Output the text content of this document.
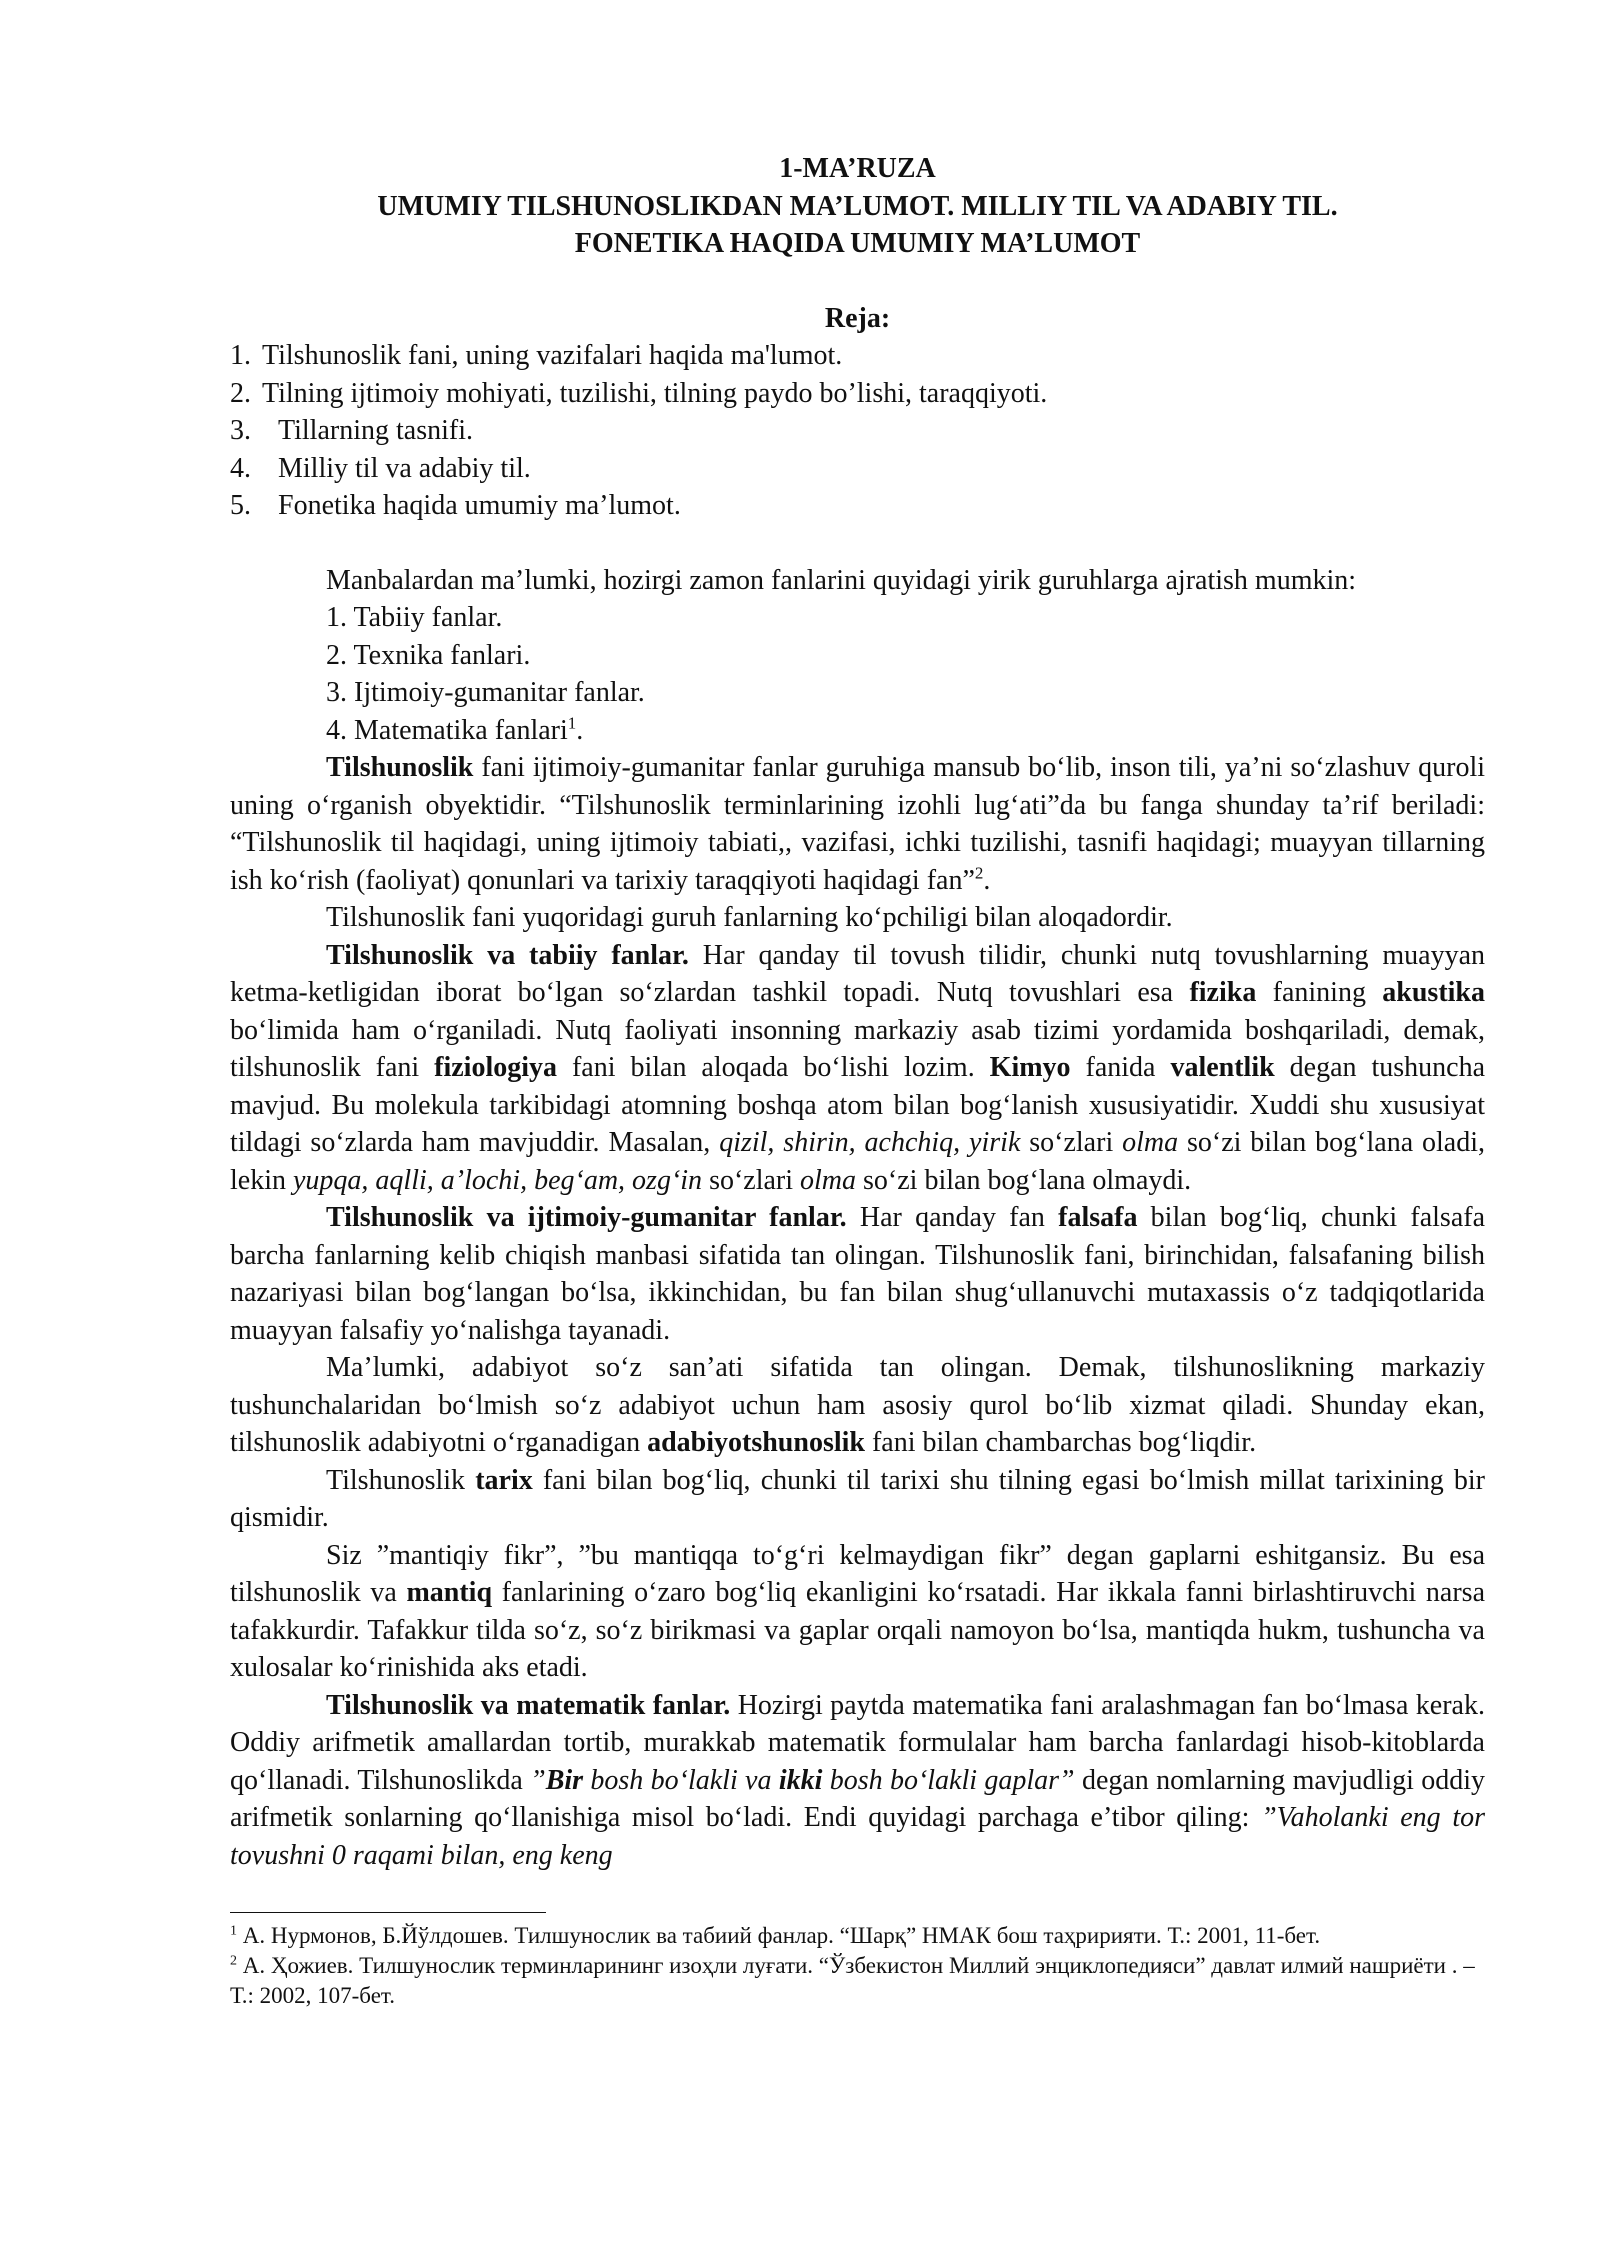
1-MA’RUZA

UMUMIY TILSHUNOSLIKDAN MA’LUMOT. MILLIY TIL VA ADABIY TIL.

FONETIKA HAQIDA UMUMIY MA’LUMOT

Reja:

1. Tilshunoslik fani, uning vazifalari haqida ma'lumot.

2. Tilning ijtimoiy mohiyati, tuzilishi, tilning paydo bo’lishi, taraqqiyoti.

3. Tillarning tasnifi.

4. Milliy til va adabiy til.

5. Fonetika haqida umumiy ma’lumot.

Manbalardan ma’lumki, hozirgi zamon fanlarini quyidagi yirik guruhlarga ajratish mumkin:

1. Tabiiy fanlar.

2. Texnika fanlari.

3. Ijtimoiy-gumanitar fanlar.

4. Matematika fanlari$^1$.

Tilshunoslik fani ijtimoiy-gumanitar fanlar guruhiga mansub bo‘lib, inson tili, ya’ni so‘zlashuv quroli uning o‘rganish obyektidir. “Tilshunoslik terminlarining izohli lug‘ati”da bu fanga shunday ta’rif beriladi: “Tilshunoslik til haqidagi, uning ijtimoiy tabiati,, vazifasi, ichki tuzilishi, tasnifi haqidagi; muayyan tillarning ish ko‘rish (faoliyat) qonunlari va tarixiy taraqqiyoti haqidagi fan”$^2$.

Tilshunoslik fani yuqoridagi guruh fanlarning ko‘pchiligi bilan aloqadordir.

Tilshunoslik va tabiiy fanlar. Har qanday til tovush tilidir, chunki nutq tovushlarning muayyan ketma-ketligidan iborat bo‘lgan so‘zlardan tashkil topadi. Nutq tovushlari esa fizika fanining akustika bo‘limida ham o‘rganiladi. Nutq faoliyati insonning markaziy asab tizimi yordamida boshqariladi, demak, tilshunoslik fani fiziologiya fani bilan aloqada bo‘lishi lozim. Kimyo fanida valentlik degan tushuncha mavjud. Bu molekula tarkibidagi atomning boshqa atom bilan bog‘lanish xususiyatidir. Xuddi shu xususiyat tildagi so‘zlarda ham mavjuddir. Masalan, qizil, shirin, achchiq, yirik so‘zlari olma so‘zi bilan bog‘lana oladi, lekin yupqa, aqlli, a’lochi, beg‘am, ozg‘in so‘zlari olma so‘zi bilan bog‘lana olmaydi.

Tilshunoslik va ijtimoiy-gumanitar fanlar. Har qanday fan falsafa bilan bog‘liq, chunki falsafa barcha fanlarning kelib chiqish manbasi sifatida tan olingan. Tilshunoslik fani, birinchidan, falsafaning bilish nazariyasi bilan bog‘langan bo‘lsa, ikkinchidan, bu fan bilan shug‘ullanuvchi mutaxassis o‘z tadqiqotlarida muayyan falsafiy yo‘nalishga tayanadi.

Ma’lumki, adabiyot so‘z san’ati sifatida tan olingan. Demak, tilshunoslikning markaziy tushunchalaridan bo‘lmish so‘z adabiyot uchun ham asosiy qurol bo‘lib xizmat qiladi. Shunday ekan, tilshunoslik adabiyotni o‘rganadigan adabiyotshunoslik fani bilan chambarchas bog‘liqdir.

Tilshunoslik tarix fani bilan bog‘liq, chunki til tarixi shu tilning egasi bo‘lmish millat tarixining bir qismidir.

Siz ”mantiqiy fikr”, ”bu mantiqqa to‘g‘ri kelmaydigan fikr” degan gaplarni eshitgansiz. Bu esa tilshunoslik va mantiq fanlarining o‘zaro bog‘liq ekanligini ko‘rsatadi. Har ikkala fanni birlashtiruvchi narsa tafakkurdir. Tafakkur tilda so‘z, so‘z birikmasi va gaplar orqali namoyon bo‘lsa, mantiqda hukm, tushuncha va xulosalar ko‘rinishida aks etadi.

Tilshunoslik va matematik fanlar. Hozirgi paytda matematika fani aralashmagan fan bo‘lmasa kerak. Oddiy arifmetik amallardan tortib, murakkab matematik formulalar ham barcha fanlardagi hisob-kitoblarda qo‘llanadi. Tilshunoslikda ”Bir bosh bo‘lakli va ikki bosh bo‘lakli gaplar” degan nomlarning mavjudligi oddiy arifmetik sonlarning qo‘llanishiga misol bo‘ladi. Endi quyidagi parchaga e’tibor qiling: ”Vaholanki eng tor tovushni 0 raqami bilan, eng keng

$^1$ А. Нурмонов, Б.Йўлдошев. Тилшунослик ва табиий фанлар. “Шарқ” НМАК бош таҳририяти. Т.: 2001, 11-бет.

$^2$ А. Ҳожиев. Тилшунослик терминларининг изоҳли луғати. “Ўзбекистон Миллий энциклопедияси” давлат илмий нашриёти . –Т.: 2002, 107-бет.
